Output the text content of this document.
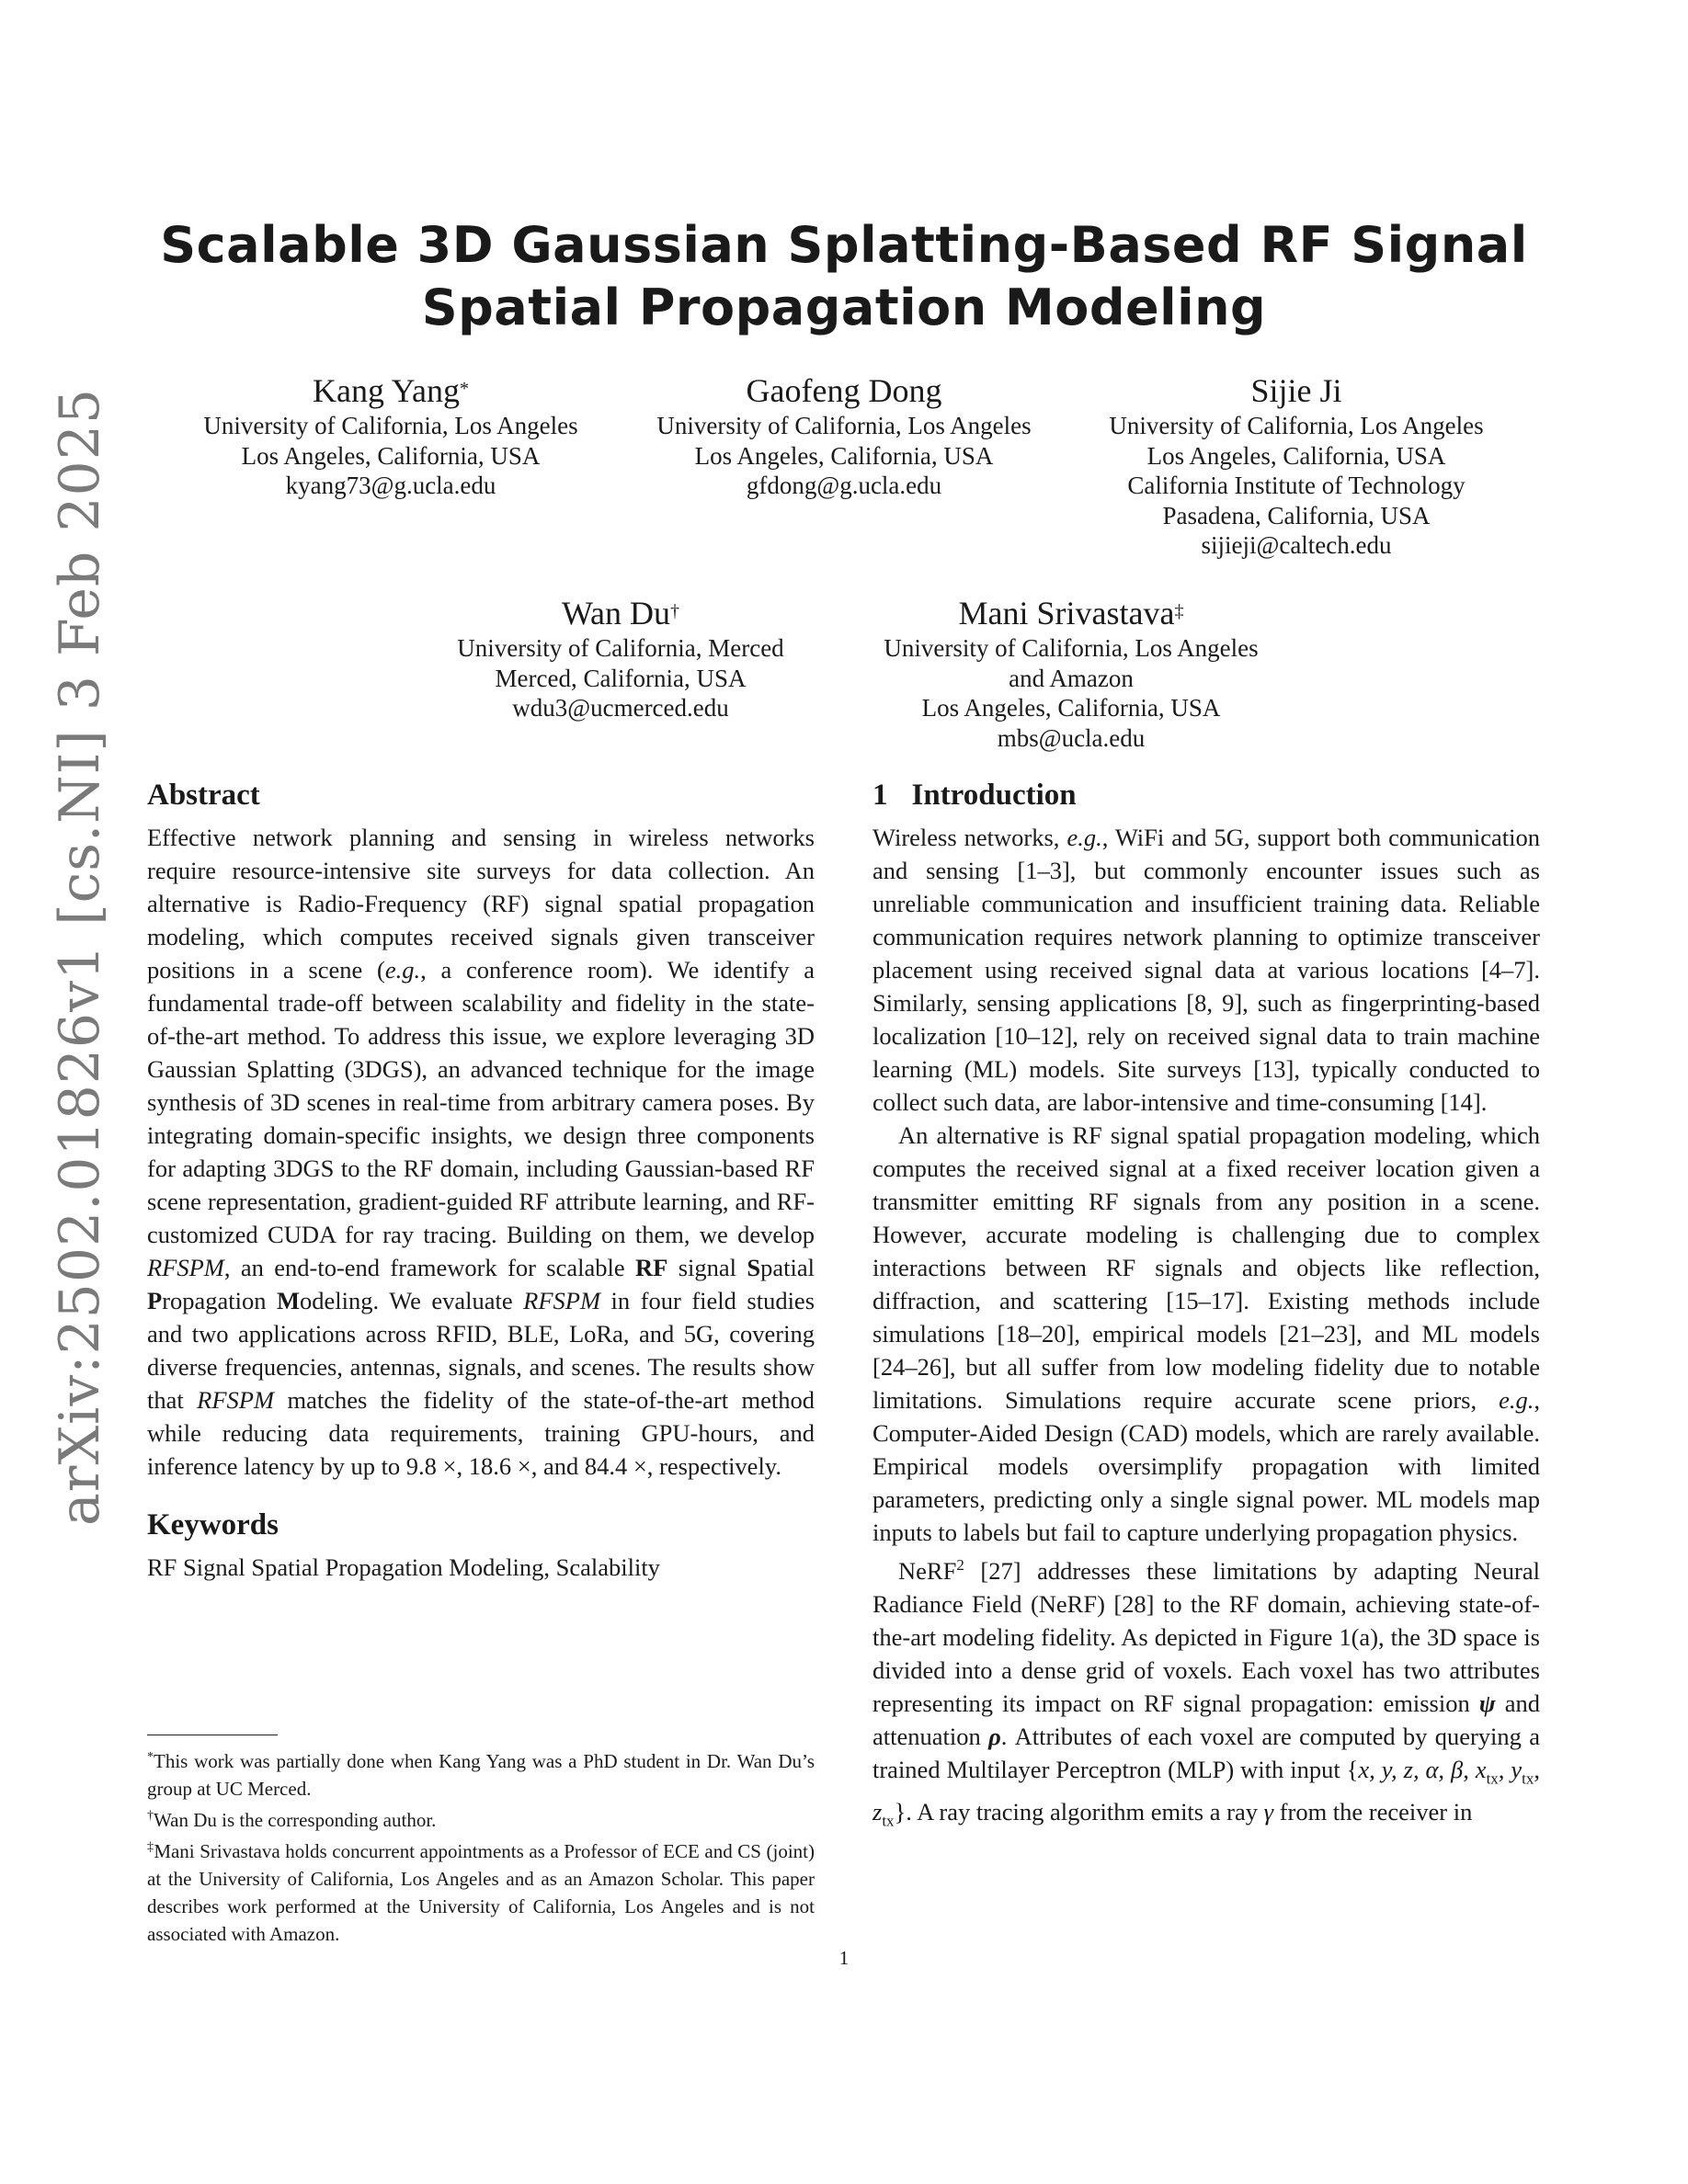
arXiv:2502.01826v1 [cs.NI] 3 Feb 2025
Scalable 3D Gaussian Splatting-Based RF Signal
Spatial Propagation Modeling
Kang Yang*
University of California, Los Angeles
Los Angeles, California, USA
kyang73@g.ucla.edu
Gaofeng Dong
University of California, Los Angeles
Los Angeles, California, USA
gfdong@g.ucla.edu
Sijie Ji
University of California, Los Angeles
Los Angeles, California, USA
California Institute of Technology
Pasadena, California, USA
sijieji@caltech.edu
Wan Du†
University of California, Merced
Merced, California, USA
wdu3@ucmerced.edu
Mani Srivastava‡
University of California, Los Angeles
and Amazon
Los Angeles, California, USA
mbs@ucla.edu
Abstract

Effective network planning and sensing in wireless networks require resource-intensive site surveys for data collection. An alternative is Radio-Frequency (RF) signal spatial propagation modeling, which computes received signals given transceiver positions in a scene (e.g., a conference room). We identify a fundamental trade-off between scalability and fidelity in the state-of-the-art method. To address this issue, we explore leveraging 3D Gaussian Splatting (3DGS), an advanced technique for the image synthesis of 3D scenes in real-time from arbitrary camera poses. By integrating domain-specific insights, we design three components for adapting 3DGS to the RF domain, including Gaussian-based RF scene representation, gradient-guided RF attribute learning, and RF-customized CUDA for ray tracing. Building on them, we develop RFSPM, an end-to-end framework for scalable RF signal Spatial Propagation Modeling. We evaluate RFSPM in four field studies and two applications across RFID, BLE, LoRa, and 5G, covering diverse frequencies, antennas, signals, and scenes. The results show that RFSPM matches the fidelity of the state-of-the-art method while reducing data requirements, training GPU-hours, and inference latency by up to 9.8 ×, 18.6 ×, and 84.4 ×, respectively.

Keywords

RF Signal Spatial Propagation Modeling, Scalability

*This work was partially done when Kang Yang was a PhD student in Dr. Wan Du’s group at UC Merced.

†Wan Du is the corresponding author.

‡Mani Srivastava holds concurrent appointments as a Professor of ECE and CS (joint) at the University of California, Los Angeles and as an Amazon Scholar. This paper describes work performed at the University of California, Los Angeles and is not associated with Amazon.

1 Introduction

Wireless networks, e.g., WiFi and 5G, support both communication and sensing [1–3], but commonly encounter issues such as unreliable communication and insufficient training data. Reliable communication requires network planning to optimize transceiver placement using received signal data at various locations [4–7]. Similarly, sensing applications [8, 9], such as fingerprinting-based localization [10–12], rely on received signal data to train machine learning (ML) models. Site surveys [13], typically conducted to collect such data, are labor-intensive and time-consuming [14].

An alternative is RF signal spatial propagation modeling, which computes the received signal at a fixed receiver location given a transmitter emitting RF signals from any position in a scene. However, accurate modeling is challenging due to complex interactions between RF signals and objects like reflection, diffraction, and scattering [15–17]. Existing methods include simulations [18–20], empirical models [21–23], and ML models [24–26], but all suffer from low modeling fidelity due to notable limitations. Simulations require accurate scene priors, e.g., Computer-Aided Design (CAD) models, which are rarely available. Empirical models oversimplify propagation with limited parameters, predicting only a single signal power. ML models map inputs to labels but fail to capture underlying propagation physics.

NeRF$^2$ [27] addresses these limitations by adapting Neural Radiance Field (NeRF) [28] to the RF domain, achieving state-of-the-art modeling fidelity. As depicted in Figure 1(a), the 3D space is divided into a dense grid of voxels. Each voxel has two attributes representing its impact on RF signal propagation: emission ψ and attenuation ρ. Attributes of each voxel are computed by querying a trained Multilayer Perceptron (MLP) with input {x, y, z, α, β, $x_{tx}$, $y_{tx}$, $z_{tx}$}. A ray tracing algorithm emits a ray γ from the receiver in

1
